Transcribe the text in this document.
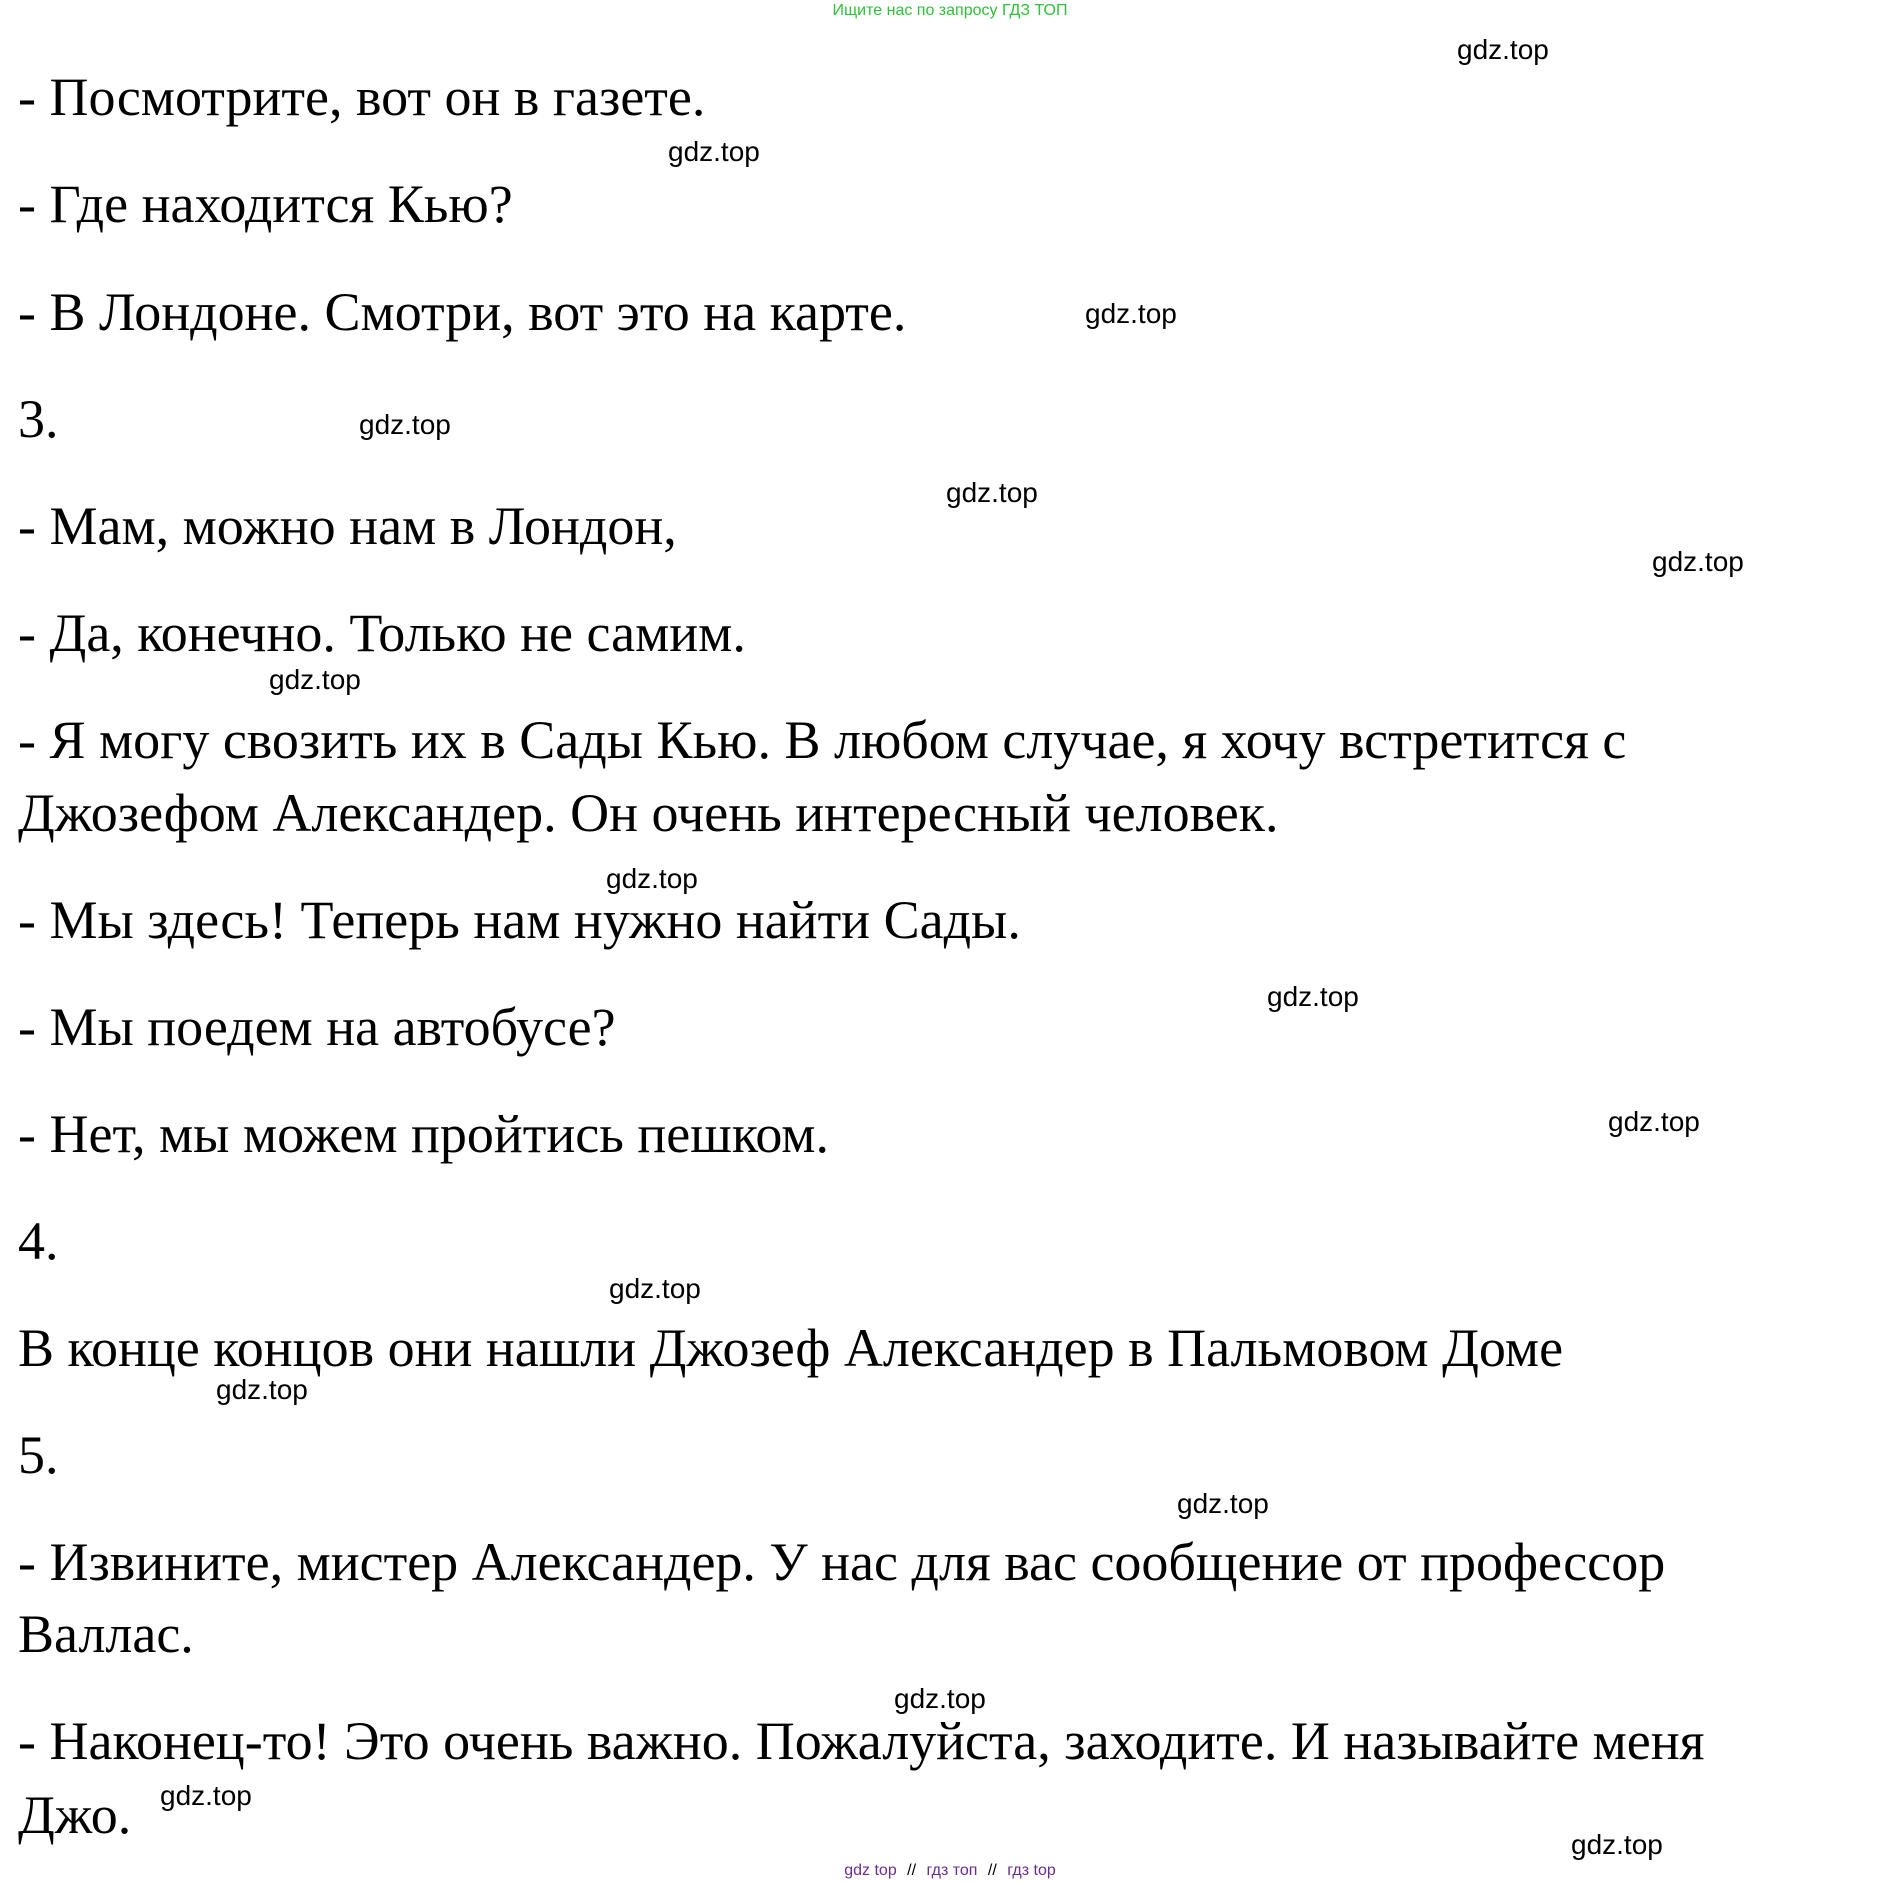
Ищите нас по запросу ГДЗ ТОП
- Посмотрите, вот он в газете.
- Где находится Кью?
- В Лондоне. Смотри, вот это на карте.
3.
- Мам, можно нам в Лондон,
- Да, конечно. Только не самим.
- Я могу свозить их в Сады Кью. В любом случае, я хочу встретится с
Джозефом Александер. Он очень интересный человек.
- Мы здесь! Теперь нам нужно найти Сады.
- Мы поедем на автобусе?
- Нет, мы можем пройтись пешком.
4.
В конце концов они нашли Джозеф Александер в Пальмовом Доме
5.
- Извините, мистер Александер. У нас для вас сообщение от профессор
Валлас.
- Наконец-то! Это очень важно. Пожалуйста, заходите. И называйте меня
Джо.
gdz.top
gdz.top
gdz.top
gdz.top
gdz.top
gdz.top
gdz.top
gdz.top
gdz.top
gdz.top
gdz.top
gdz.top
gdz.top
gdz.top
gdz.top
gdz.top
gdz top // гдз топ // гдз top
